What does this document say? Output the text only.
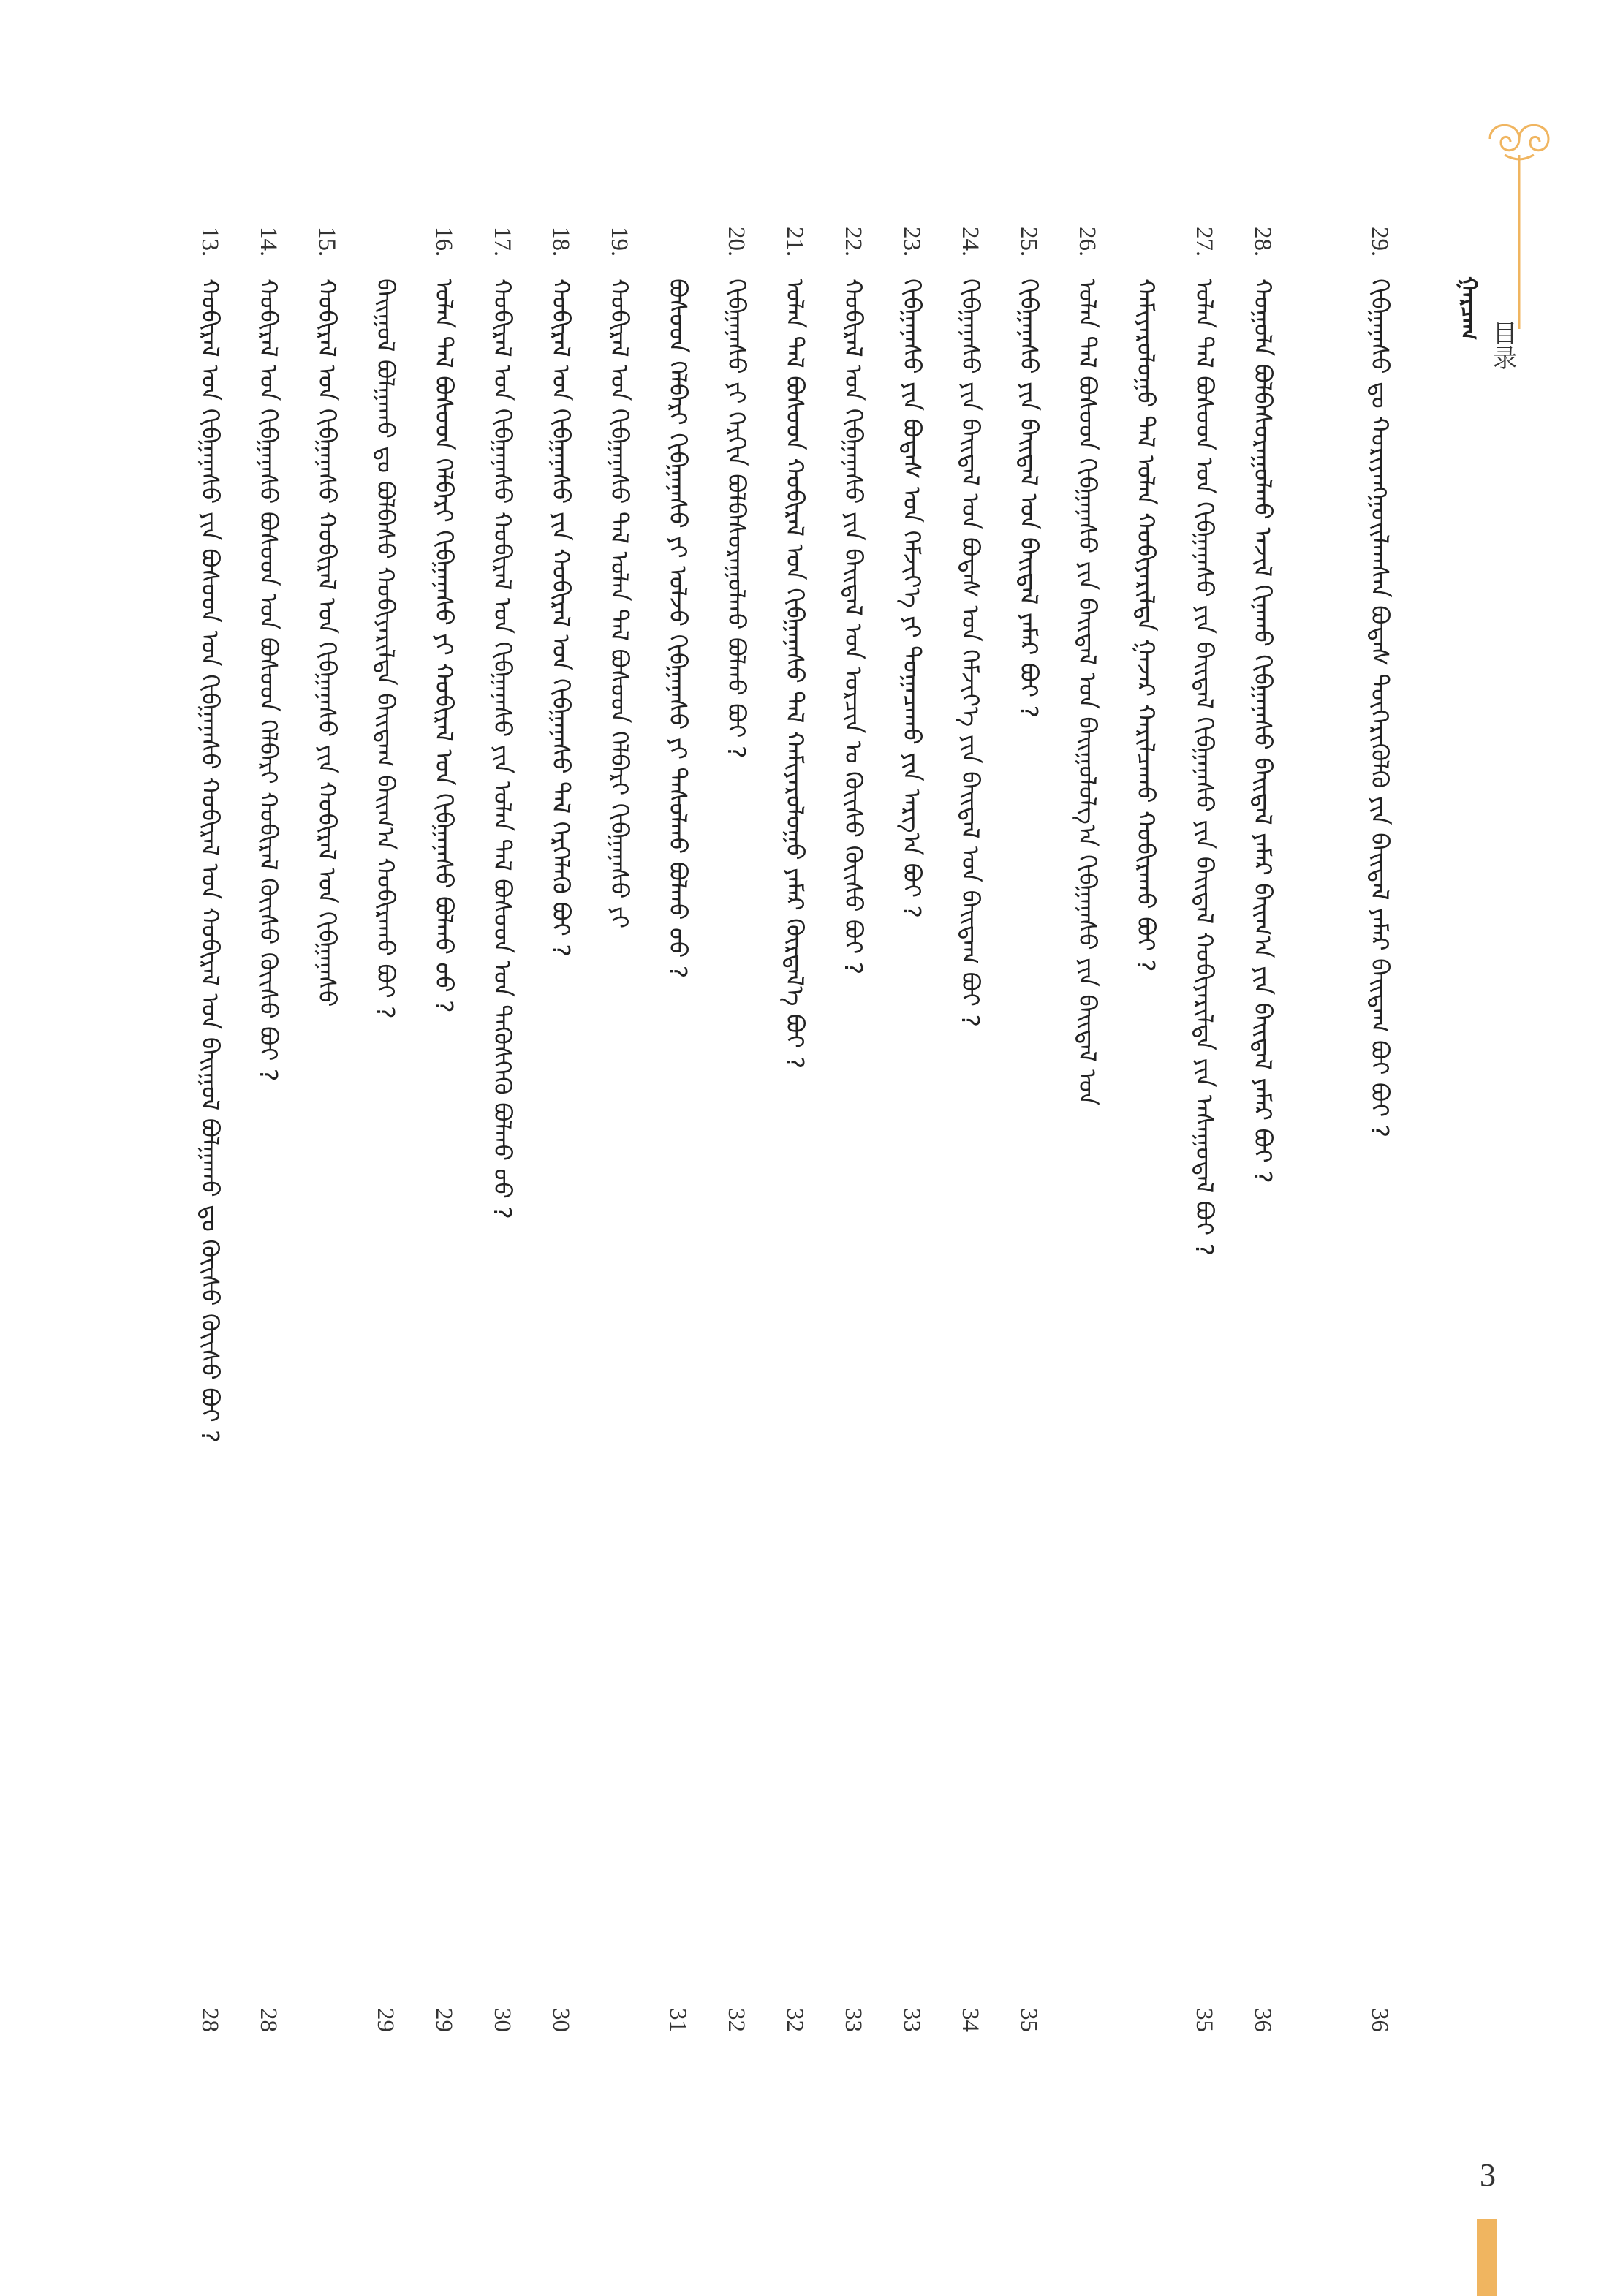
目录
ᠭᠠᠷᠴᠠᠭ
29.
ᠬᠢᠪᠭᠠᠨᠠᠰᠤ ᠳᠤ ᠬᠤᠷᠢᠶᠠᠩᠭᠤᠢᠯᠠᠭᠰᠠᠨ ᠪᠣᠳᠠᠰ ᠲᠦᠭᠡᠷᠢᠭᠦᠯᠬᠦ ᠶᠢᠨ ᠪᠠᠢᠳᠠᠯ ᠶᠠᠮᠠᠷ ᠪᠠᠢᠳᠠᠭ ᠪᠤᠢ ᠪᠤᠢ ?
36
28.
ᠬᠣᠭᠣᠯᠠ ᠪᠣᠯᠪᠠᠰᠤᠷᠠᠭᠤᠯᠬᠤ ᠠᠵᠢᠯ ᠬᠢᠨᠠᠬᠤ ᠬᠢᠪᠭᠠᠨᠠᠰᠤ ᠪᠠᠢᠳᠠᠯ ᠶᠠᠮᠠᠷ ᠪᠠᠢᠭ᠎ᠠ ᠶᠢᠨ ᠪᠠᠢᠳᠠᠯ ᠶᠠᠮᠠᠷ ᠪᠤᠢ ?
36
27.
ᠣᠯᠠᠨ ᠲᠠᠯ ᠪᠤᠰᠤᠳ ᠤᠨ ᠬᠢᠪᠭᠠᠨᠠᠰᠤ ᠶᠢᠨ ᠪᠠᠢᠳᠠᠯ ᠬᠢᠪᠭᠠᠨᠠᠰᠤ ᠶᠢᠨ ᠪᠠᠢᠳᠠᠯ ᠬᠤᠪᠢᠶᠠᠷᠢᠯᠳᠠ ᠶᠢᠨ ᠠᠰᠠᠭᠤᠳᠠᠯ ᠪᠤᠢ ?
35
ᠬᠠᠮᠢᠶᠠᠷᠤᠯᠤᠭᠤ ᠲᠠᠯ ᠣᠯᠠᠨ ᠬᠤᠪᠢᠶᠠᠷᠢᠯᠳᠠ ᠭᠠᠵᠠᠷ ᠬᠠᠷᠢᠯᠴᠠᠬᠤ ᠬᠤᠪᠢᠷᠠᠬᠤ ᠪᠤᠢ ?
26.
ᠣᠯᠠᠨ ᠲᠠᠯ ᠪᠤᠰᠤᠳ ᠬᠢᠪᠭᠠᠨᠠᠰᠤ ᠶᠢᠨ ᠪᠠᠢᠳᠠᠯ ᠤᠨ ᠪᠠᠢᠭᠤᠯᠤᠯᠭ᠎ᠠ ᠬᠢᠪᠭᠠᠨᠠᠰᠤ ᠶᠢᠨ ᠪᠠᠢᠳᠠᠯ ᠤᠨ
25.
ᠬᠢᠪᠭᠠᠨᠠᠰᠤ ᠶᠢᠨ ᠪᠠᠢᠳᠠᠯ ᠤᠨ ᠪᠠᠢᠳᠠᠯ ᠶᠠᠮᠠᠷ ᠪᠤᠢ ?
35
24.
ᠬᠢᠪᠭᠠᠨᠠᠰᠤ ᠶᠢᠨ ᠪᠠᠢᠳᠠᠯ ᠤᠨ ᠪᠣᠳᠠᠰ ᠤᠨ ᠬᠡᠮᠵᠢᠶ᠎ᠡ ᠶᠢᠨ ᠪᠠᠢᠳᠠᠯ ᠤᠨ ᠪᠠᠢᠳᠠᠭ ᠪᠤᠢ ?
34
23.
ᠬᠢᠪᠭᠠᠨᠠᠰᠤ ᠶᠢᠨ ᠪᠣᠳᠠᠰ ᠤᠨ ᠬᠡᠮᠵᠢᠶ᠎ᠡ ᠶᠢ ᠲᠣᠭᠠᠴᠠᠬᠤ ᠶᠢᠨ ᠠᠷᠭ᠎ᠠ ᠪᠤᠢ ?
33
22.
ᠬᠤᠪᠢᠷᠠᠯ ᠤᠨ ᠬᠢᠪᠭᠠᠨᠠᠰᠤ ᠶᠢᠨ ᠪᠠᠢᠳᠠᠯ ᠤᠨ ᠣᠷᠴᠢᠨ ᠤ ᠬᠦᠢᠰᠦ ᠬᠦᠢᠰᠦ ᠪᠤᠢ ?
33
21.
ᠣᠯᠠᠨ ᠲᠠᠯ ᠪᠤᠰᠤᠳ ᠬᠤᠪᠢᠷᠠᠯ ᠤᠨ ᠬᠢᠪᠭᠠᠨᠠᠰᠤ ᠲᠠᠯ ᠬᠠᠮᠢᠶᠠᠷᠤᠯᠤᠭᠤ ᠶᠠᠮᠠᠷ ᠬᠦᠷᠲᠡᠯ᠎ᠡ ᠪᠤᠢ ?
32
20.
ᠬᠢᠪᠭᠠᠨᠠᠰᠤ ᠶᠢ ᠬᠡᠷᠬᠢᠨ ᠪᠣᠯᠪᠠᠰᠤᠷᠠᠭᠤᠯᠬᠤ ᠪᠣᠯᠬᠤ ᠪᠤᠢ ?
32
ᠪᠤᠰᠤᠳ ᠬᠡᠯᠪᠡᠷᠢ ᠬᠢᠪᠭᠠᠨᠠᠰᠤ ᠶᠢ ᠣᠯᠵᠤ ᠬᠢᠪᠭᠠᠨᠠᠰᠤ ᠶᠢ ᠲᠠᠰᠤᠯᠬᠤ ᠪᠣᠯᠬᠤ ᠤᠤ ?
31
19.
ᠬᠤᠪᠢᠷᠠᠯ ᠤᠨ ᠬᠢᠪᠭᠠᠨᠠᠰᠤ ᠲᠠᠯ ᠣᠯᠠᠨ ᠲᠠᠯ ᠪᠤᠰᠤᠳ ᠬᠡᠯᠪᠡᠷᠢ ᠬᠢᠪᠭᠠᠨᠠᠰᠤ ᠶᠢ
18.
ᠬᠤᠪᠢᠷᠠᠯ ᠤᠨ ᠬᠢᠪᠭᠠᠨᠠᠰᠤ ᠶᠢᠨ ᠬᠤᠪᠢᠷᠠᠯ ᠤᠨ ᠬᠢᠪᠭᠠᠨᠠᠰᠤ ᠲᠠᠯ ᠬᠡᠷᠭᠡᠯᠡᠬᠦ ᠪᠤᠢ ?
30
17.
ᠬᠤᠪᠢᠷᠠᠯ ᠤᠨ ᠬᠢᠪᠭᠠᠨᠠᠰᠤ ᠬᠤᠪᠢᠷᠠᠯ ᠤᠨ ᠬᠢᠪᠭᠠᠨᠠᠰᠤ ᠶᠢᠨ ᠣᠯᠠᠨ ᠲᠠᠯ ᠪᠤᠰᠤᠳ ᠤᠨ ᠲᠡᠭᠦᠰᠬᠡᠬᠦ ᠪᠣᠯᠬᠤ ᠤᠤ ?
30
16.
ᠣᠯᠠᠨ ᠲᠠᠯ ᠪᠤᠰᠤᠳ ᠬᠡᠯᠪᠡᠷᠢ ᠬᠢᠪᠭᠠᠨᠠᠰᠤ ᠶᠢ ᠬᠤᠪᠢᠷᠠᠯ ᠤᠨ ᠬᠢᠪᠭᠠᠨᠠᠰᠤ ᠪᠣᠯᠬᠤ ᠤᠤ ?
29
ᠪᠠᠢᠭᠤᠯ ᠪᠣᠯᠭᠠᠬᠤ ᠳᠤ ᠪᠣᠯᠪᠠᠰᠤ ᠬᠤᠪᠢᠶᠠᠷᠢᠯᠳᠠ ᠪᠠᠢᠳᠠᠭ ᠪᠠᠢᠭ᠎ᠠ ᠬᠤᠪᠢᠷᠠᠬᠤ ᠪᠤᠢ ?
29
15.
ᠬᠤᠪᠢᠷᠠᠯ ᠤᠨ ᠬᠢᠪᠭᠠᠨᠠᠰᠤ ᠬᠤᠪᠢᠷᠠᠯ ᠤᠨ ᠬᠢᠪᠭᠠᠨᠠᠰᠤ ᠶᠢᠨ ᠬᠤᠪᠢᠷᠠᠯ ᠤᠨ ᠬᠢᠪᠭᠠᠨᠠᠰᠤ
14.
ᠬᠤᠪᠢᠷᠠᠯ ᠤᠨ ᠬᠢᠪᠭᠠᠨᠠᠰᠤ ᠪᠤᠰᠤᠳ ᠤᠨ ᠪᠤᠰᠤᠳ ᠬᠡᠯᠪᠡᠷᠢ ᠬᠤᠪᠢᠷᠠᠯ ᠬᠦᠢᠰᠦ ᠬᠦᠢᠰᠦ ᠪᠤᠢ ?
28
13.
ᠬᠤᠪᠢᠷᠠᠯ ᠤᠨ ᠬᠢᠪᠭᠠᠨᠠᠰᠤ ᠶᠢᠨ ᠪᠤᠰᠤᠳ ᠤᠨ ᠬᠢᠪᠭᠠᠨᠠᠰᠤ ᠬᠤᠪᠢᠷᠠᠯ ᠤᠨ ᠬᠤᠪᠢᠷᠠᠯ ᠤᠨ ᠪᠠᠢᠭᠤᠯ ᠪᠣᠯᠭᠠᠬᠤ ᠳᠤ ᠬᠦᠢᠰᠦ ᠬᠦᠢᠰᠦ ᠪᠤᠢ ?
28
3
